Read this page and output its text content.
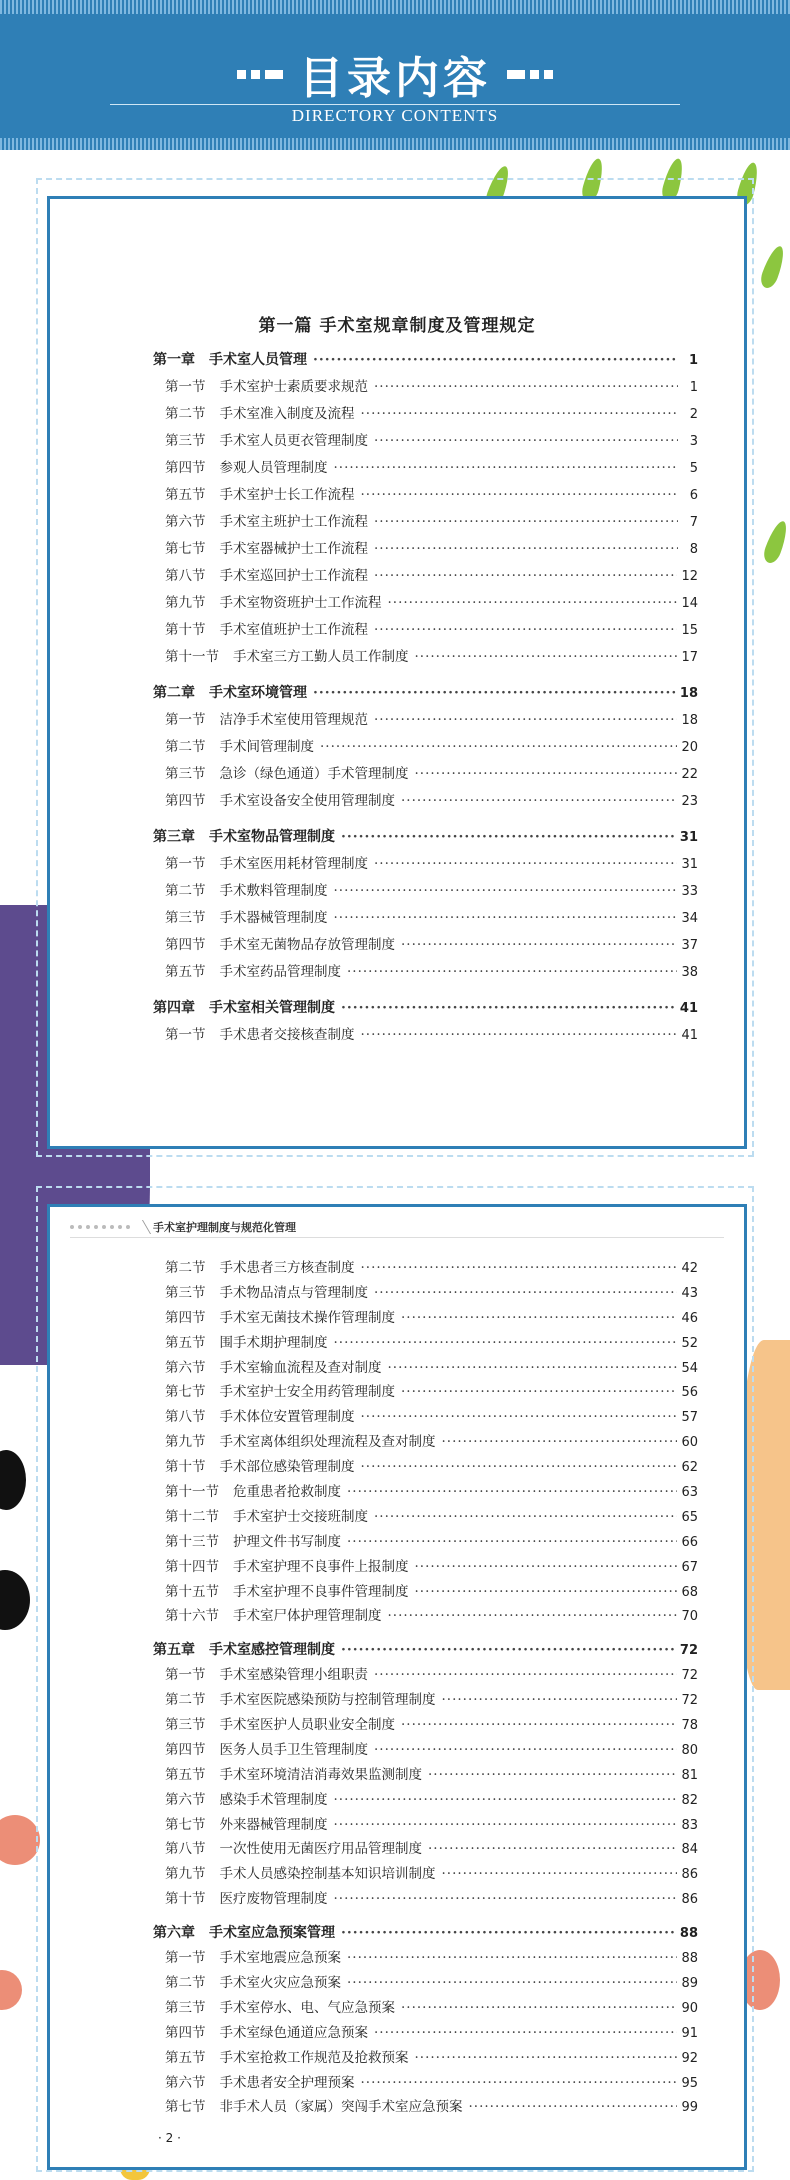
目录内容
DIRECTORY CONTENTS
第一篇 手术室规章制度及管理规定
第一章 手术室人员管理 ·····	1
第一节 手术室护士素质要求规范 ·····	1
第二节 手术室准入制度及流程 ·····	2
第三节 手术室人员更衣管理制度 ·····	3
第四节 参观人员管理制度 ·····	5
第五节 手术室护士长工作流程 ·····	6
第六节 手术室主班护士工作流程 ·····	7
第七节 手术室器械护士工作流程 ·····	8
第八节 手术室巡回护士工作流程 ·····	12
第九节 手术室物资班护士工作流程 ·····	14
第十节 手术室值班护士工作流程 ·····	15
第十一节 手术室三方工勤人员工作制度 ·····	17
第二章 手术室环境管理 ·····	18
第一节 洁净手术室使用管理规范 ·····	18
第二节 手术间管理制度 ·····	20
第三节 急诊（绿色通道）手术管理制度 ·····	22
第四节 手术室设备安全使用管理制度 ·····	23
第三章 手术室物品管理制度 ·····	31
第一节 手术室医用耗材管理制度 ·····	31
第二节 手术敷料管理制度 ·····	33
第三节 手术器械管理制度 ·····	34
第四节 手术室无菌物品存放管理制度 ·····	37
第五节 手术室药品管理制度 ·····	38
第四章 手术室相关管理制度 ·····	41
第一节 手术患者交接核查制度 ·····	41
手术室护理制度与规范化管理
第二节 手术患者三方核查制度 ·····	42
第三节 手术物品清点与管理制度 ·····	43
第四节 手术室无菌技术操作管理制度 ·····	46
第五节 围手术期护理制度 ·····	52
第六节 手术室输血流程及查对制度 ·····	54
第七节 手术室护士安全用药管理制度 ·····	56
第八节 手术体位安置管理制度 ·····	57
第九节 手术室离体组织处理流程及查对制度 ·····	60
第十节 手术部位感染管理制度 ·····	62
第十一节 危重患者抢救制度 ·····	63
第十二节 手术室护士交接班制度 ·····	65
第十三节 护理文件书写制度 ·····	66
第十四节 手术室护理不良事件上报制度 ·····	67
第十五节 手术室护理不良事件管理制度 ·····	68
第十六节 手术室尸体护理管理制度 ·····	70
第五章 手术室感控管理制度 ·····	72
第一节 手术室感染管理小组职责 ·····	72
第二节 手术室医院感染预防与控制管理制度 ·····	72
第三节 手术室医护人员职业安全制度 ·····	78
第四节 医务人员手卫生管理制度 ·····	80
第五节 手术室环境清洁消毒效果监测制度 ·····	81
第六节 感染手术管理制度 ·····	82
第七节 外来器械管理制度 ·····	83
第八节 一次性使用无菌医疗用品管理制度 ·····	84
第九节 手术人员感染控制基本知识培训制度 ·····	86
第十节 医疗废物管理制度 ·····	86
第六章 手术室应急预案管理 ·····	88
第一节 手术室地震应急预案 ·····	88
第二节 手术室火灾应急预案 ·····	89
第三节 手术室停水、电、气应急预案 ·····	90
第四节 手术室绿色通道应急预案 ·····	91
第五节 手术室抢救工作规范及抢救预案 ·····	92
第六节 手术患者安全护理预案 ·····	95
第七节 非手术人员（家属）突闯手术室应急预案 ·····	99
· 2 ·
